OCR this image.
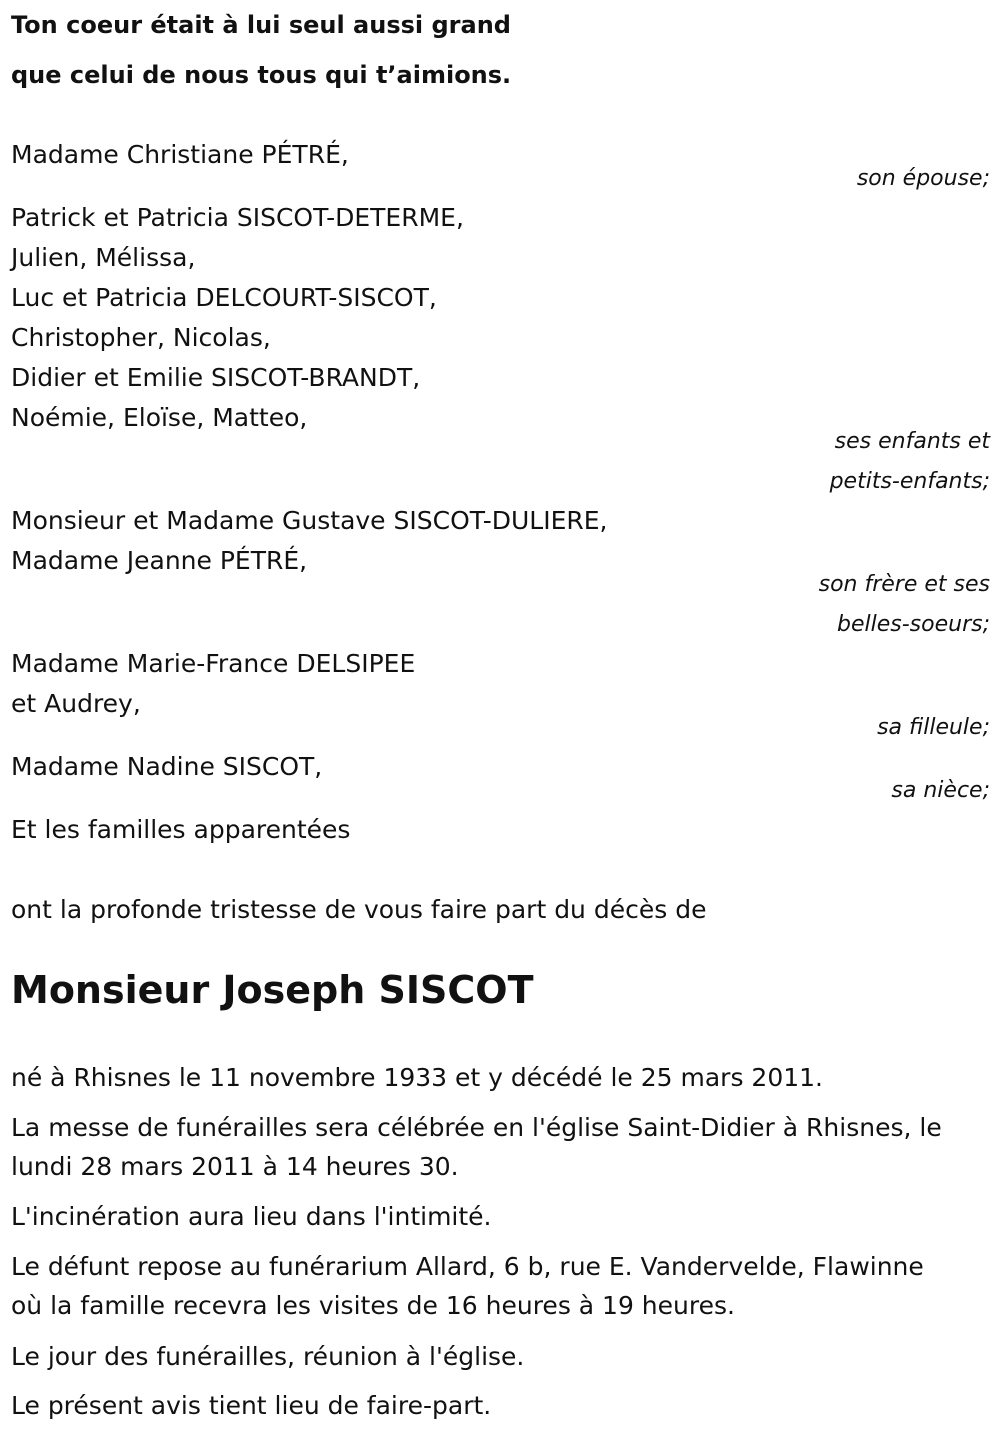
Ton coeur était à lui seul aussi grand
que celui de nous tous qui t’aimions.
Madame Christiane PÉTRÉ,
son épouse;
Patrick et Patricia SISCOT-DETERME,
Julien, Mélissa,
Luc et Patricia DELCOURT-SISCOT,
Christopher, Nicolas,
Didier et Emilie SISCOT-BRANDT,
Noémie, Eloïse, Matteo,
ses enfants et
petits-enfants;
Monsieur et Madame Gustave SISCOT-DULIERE,
Madame Jeanne PÉTRÉ,
son frère et ses
belles-soeurs;
Madame Marie-France DELSIPEE
et Audrey,
sa filleule;
Madame Nadine SISCOT,
sa nièce;
Et les familles apparentées
ont la profonde tristesse de vous faire part du décès de
Monsieur Joseph SISCOT
né à Rhisnes le 11 novembre 1933 et y décédé le 25 mars 2011.
La messe de funérailles sera célébrée en l'église Saint-Didier à Rhisnes, le
lundi 28 mars 2011 à 14 heures 30.
L'incinération aura lieu dans l'intimité.
Le défunt repose au funérarium Allard, 6 b, rue E. Vandervelde, Flawinne
où la famille recevra les visites de 16 heures à 19 heures.
Le jour des funérailles, réunion à l'église.
Le présent avis tient lieu de faire-part.
